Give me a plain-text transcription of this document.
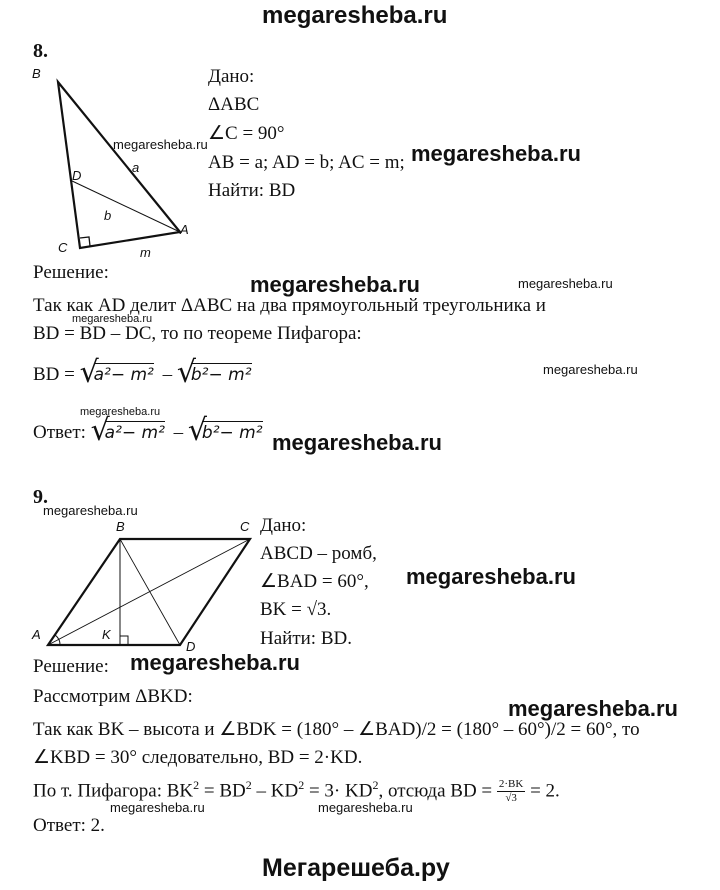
megaresheba.ru
8.
B
D
a
b
C	m
A
megaresheba.ru
Дано:
ΔABC
∠C = 90°
AB = a; AD = b; AC = m; megaresheba.ru
Найти: BD
Решение:	megaresheba.ru	megaresheba.ru
Так как AD делит ΔABC на два прямоугольный треугольника и
megaresheba.ru
BD = BD – DC, то по теореме Пифагора:
BD = √
a²− m² – √
b²− m²	megaresheba.ru
megaresheba.ru
Ответ: √
a²− m² – √
b²− m² megaresheba.ru
9.
megaresheba.ru
B	C
A	K
D
Дано:
ABCD – ромб,
∠BAD = 60°, megaresheba.ru
BK = √3.
Найти: BD.
Решение: megaresheba.ru
Рассмотрим ΔBKD:	megaresheba.ru
Так как BK – высота и ∠BDK = (180° – ∠BAD)/2 = (180° – 60°)/2 = 60°, то
∠KBD = 30° следовательно, BD = 2·KD.
По т. Пифагора: $BK^2 = BD^2 - KD^2 = 3\cdot KD^2$, отсюда BD = $\frac{2\cdot BK}{√3} = 2$.
megaresheba.ru	megaresheba.ru
Ответ: 2.
Мегарешеба.ру
